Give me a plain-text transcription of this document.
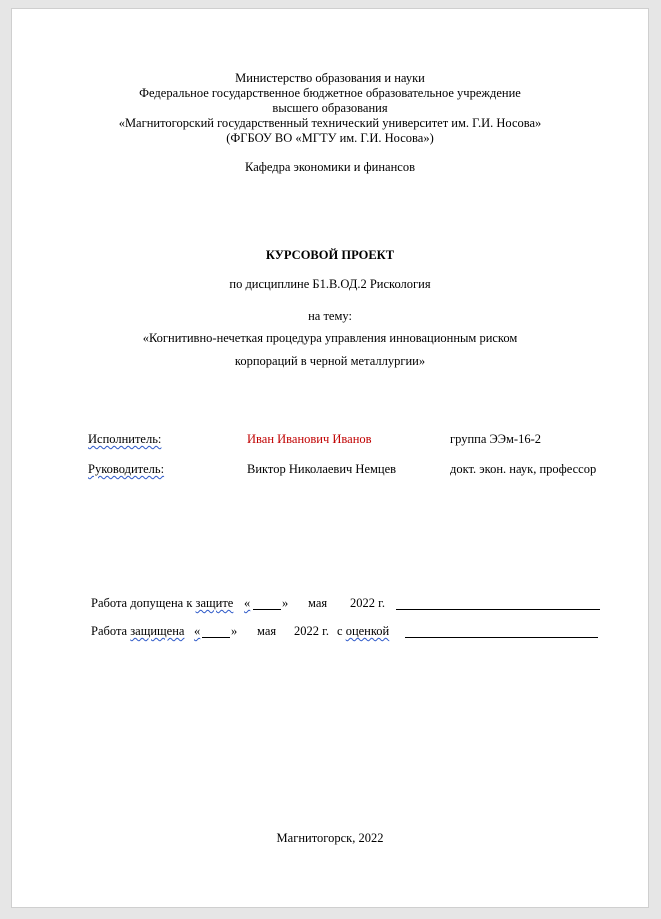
Министерство образования и науки
Федеральное государственное бюджетное образовательное учреждение
высшего образования
«Магнитогорский государственный технический университет им. Г.И. Носова»
(ФГБОУ ВО «МГТУ им. Г.И. Носова»)
Кафедра экономики и финансов
КУРСОВОЙ ПРОЕКТ
по дисциплине Б1.В.ОД.2 Рискология
на тему:
«Когнитивно-нечеткая процедура управления инновационным риском
корпораций в черной металлургии»
Исполнитель:	Иван Иванович Иванов	группа ЭЭм-16-2
Руководитель:	Виктор Николаевич Немцев	докт. экон. наук, профессор
Работа допущена к защите «	» мая 2022 г.
Работа защищена « » мая 2022 г. с оценкой
Магнитогорск, 2022
